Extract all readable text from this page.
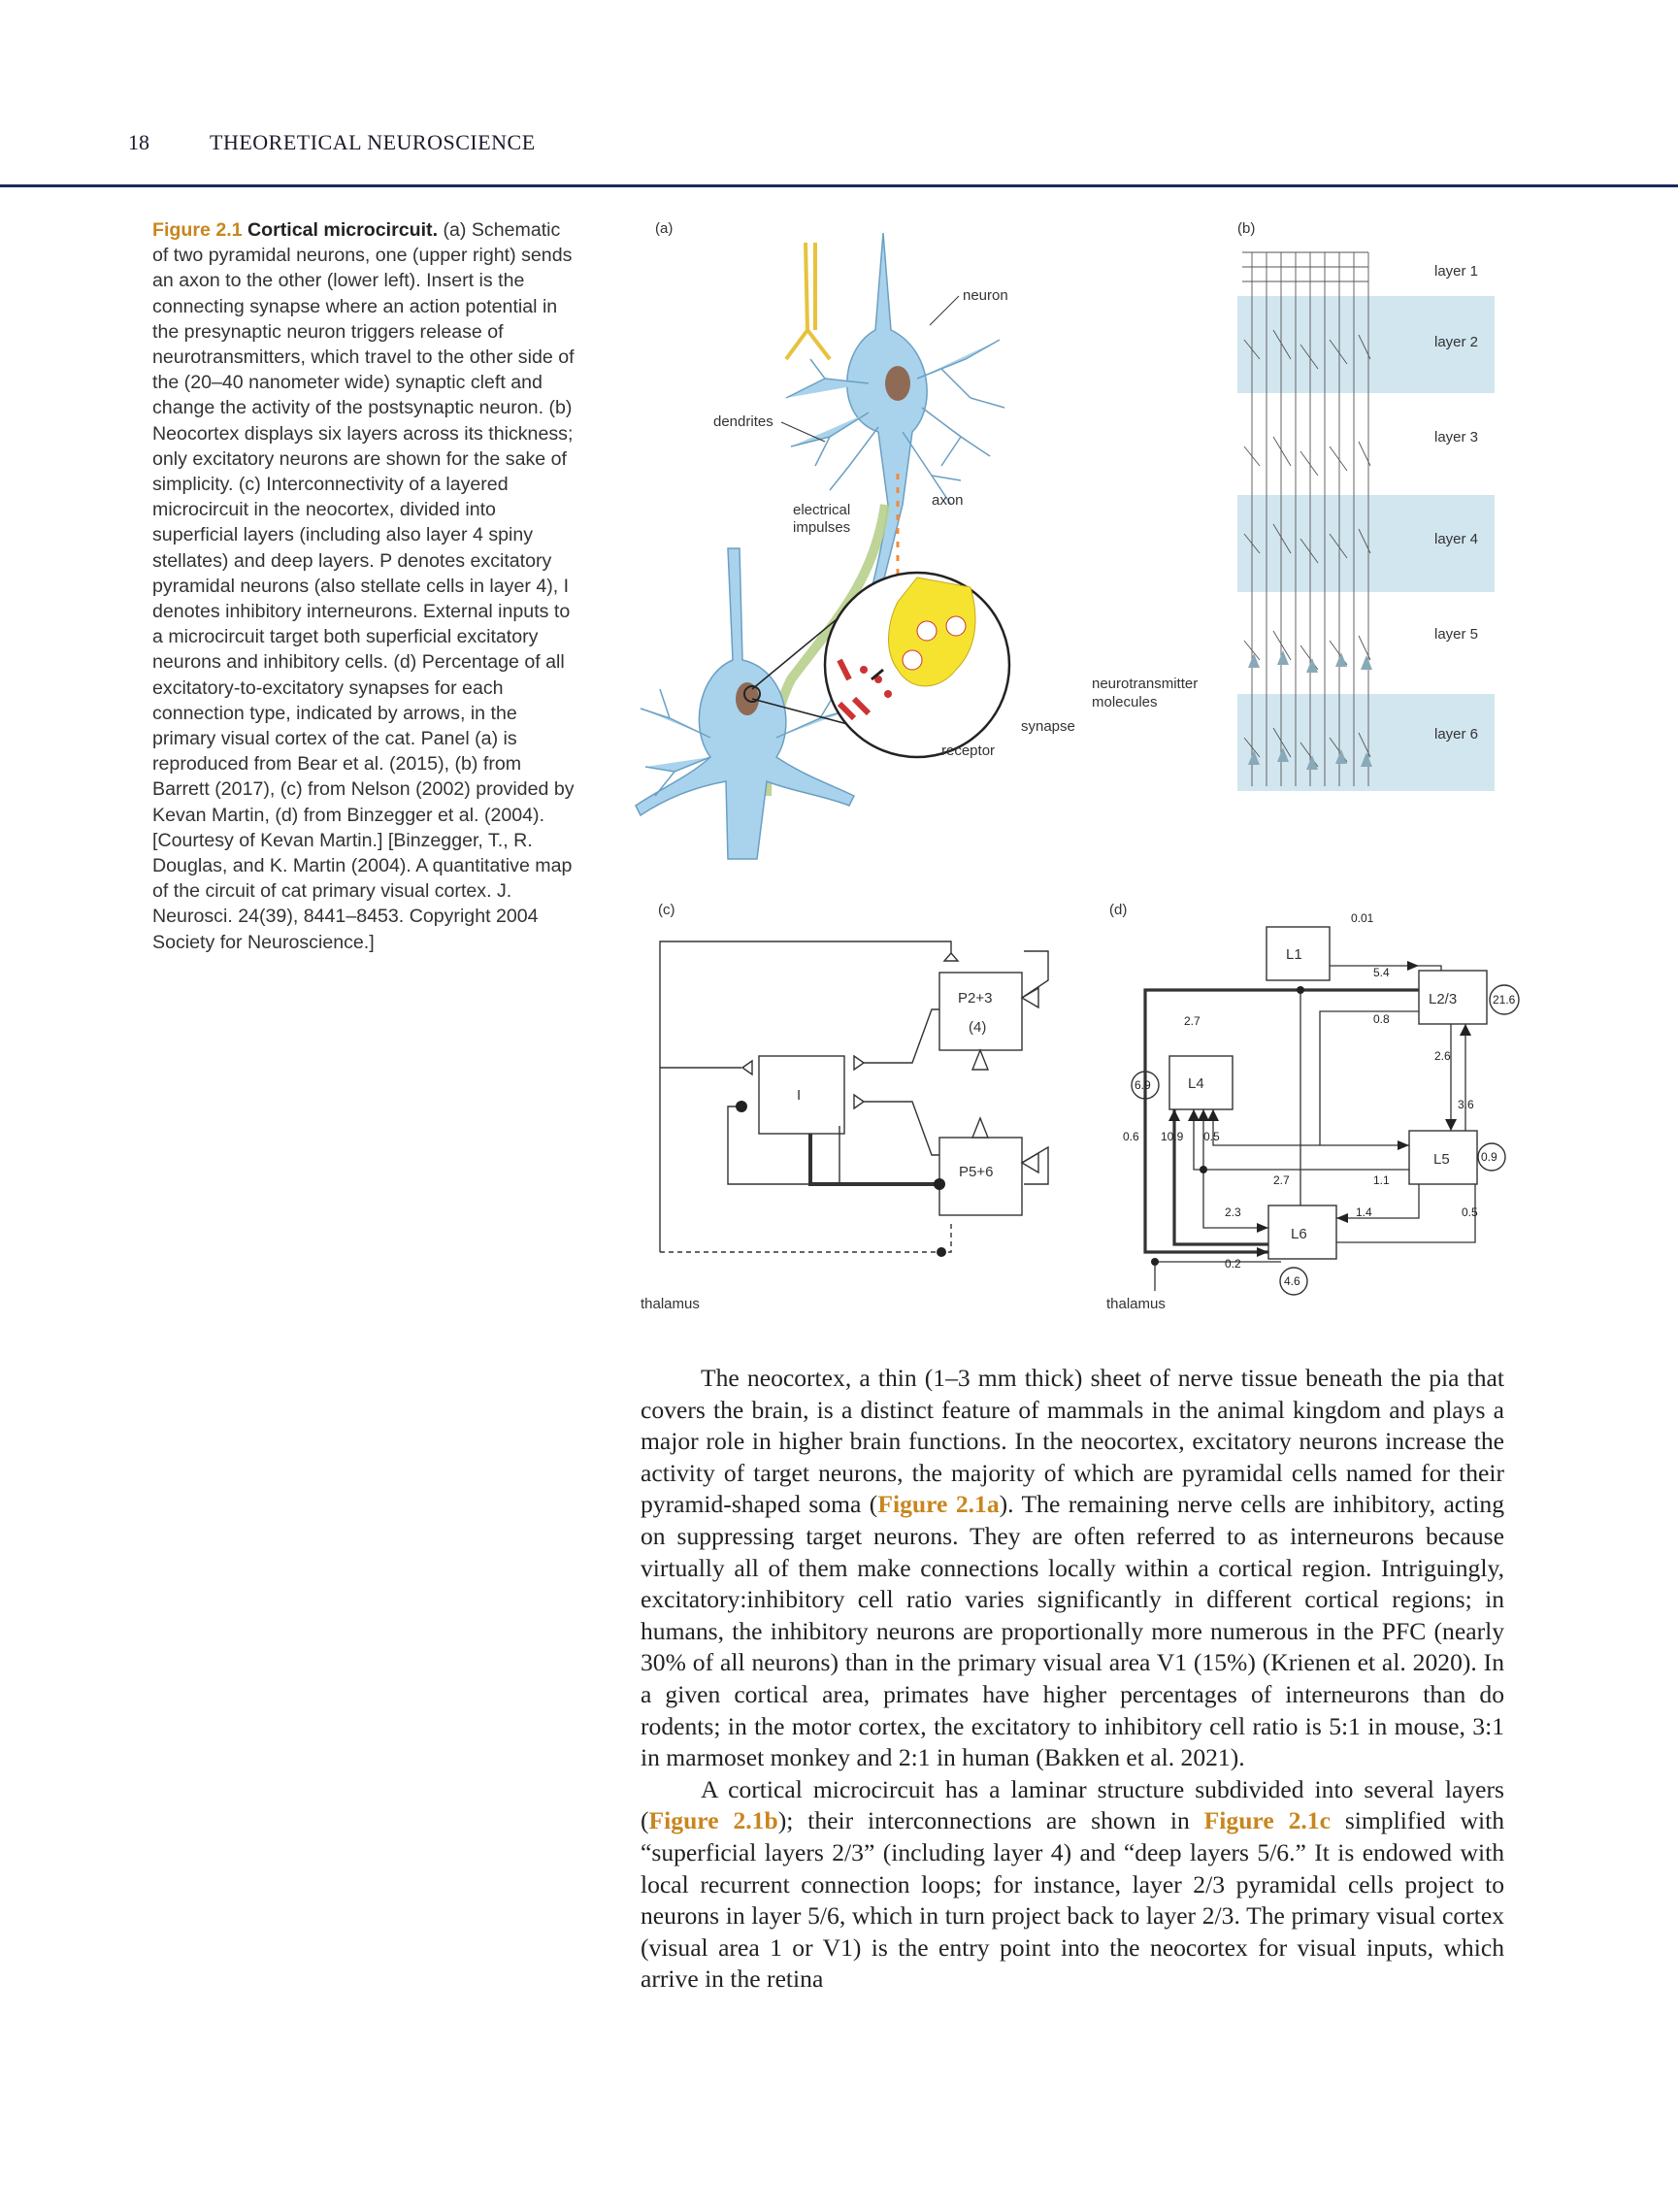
18	THEORETICAL NEUROSCIENCE
Figure 2.1 Cortical microcircuit. (a) Schematic of two pyramidal neurons, one (upper right) sends an axon to the other (lower left). Insert is the connecting synapse where an action potential in the presynaptic neuron triggers release of neurotransmitters, which travel to the other side of the (20–40 nanometer wide) synaptic cleft and change the activity of the postsynaptic neuron. (b) Neocortex displays six layers across its thickness; only excitatory neurons are shown for the sake of simplicity. (c) Interconnectivity of a layered microcircuit in the neocortex, divided into superficial layers (including also layer 4 spiny stellates) and deep layers. P denotes excitatory pyramidal neurons (also stellate cells in layer 4), I denotes inhibitory interneurons. External inputs to a microcircuit target both superficial excitatory neurons and inhibitory cells. (d) Percentage of all excitatory-to-excitatory synapses for each connection type, indicated by arrows, in the primary visual cortex of the cat. Panel (a) is reproduced from Bear et al. (2015), (b) from Barrett (2017), (c) from Nelson (2002) provided by Kevan Martin, (d) from Binzegger et al. (2004). [Courtesy of Kevan Martin.] [Binzegger, T., R. Douglas, and K. Martin (2004). A quantitative map of the circuit of cat primary visual cortex. J. Neurosci. 24(39), 8441–8453. Copyright 2004 Society for Neuroscience.]
(a)
neuron
dendrites
axon
electrical
impulses
neurotransmitter
molecules
synapse
receptor
(b)
layer 1
layer 2
layer 3
layer 4
layer 5
layer 6
(c)
P2+3
(4)
I
P5+6
thalamus
(d)
L1
L2/3
L4
L5
L6
thalamus
0.01
5.4
21.6
0.8
2.7
2.6
6.9
3.6
0.6 10.9 0.5
0.9
2.7	1.1
2.3	1.4	0.5
0.2
4.6

The neocortex, a thin (1–3 mm thick) sheet of nerve tissue beneath the pia that covers the brain, is a distinct feature of mammals in the animal kingdom and plays a major role in higher brain functions. In the neocortex, excitatory neurons increase the activity of target neurons, the majority of which are pyramidal cells named for their pyramid-shaped soma (Figure 2.1a). The remaining nerve cells are inhibitory, acting on suppressing target neurons. They are often referred to as interneurons because virtually all of them make connections locally within a cortical region. Intriguingly, excitatory:inhibitory cell ratio varies significantly in different cortical regions; in humans, the inhibitory neurons are proportionally more numerous in the PFC (nearly 30% of all neurons) than in the primary visual area V1 (15%) (Krienen et al. 2020). In a given cortical area, primates have higher percentages of interneurons than do rodents; in the motor cortex, the excitatory to inhibitory cell ratio is 5:1 in mouse, 3:1 in marmoset monkey and 2:1 in human (Bakken et al. 2021).

A cortical microcircuit has a laminar structure subdivided into several layers (Figure 2.1b); their interconnections are shown in Figure 2.1c simplified with “superficial layers 2/3” (including layer 4) and “deep layers 5/6.” It is endowed with local recurrent connection loops; for instance, layer 2/3 pyramidal cells project to neurons in layer 5/6, which in turn project back to layer 2/3. The primary visual cortex (visual area 1 or V1) is the entry point into the neocortex for visual inputs, which arrive in the retina
